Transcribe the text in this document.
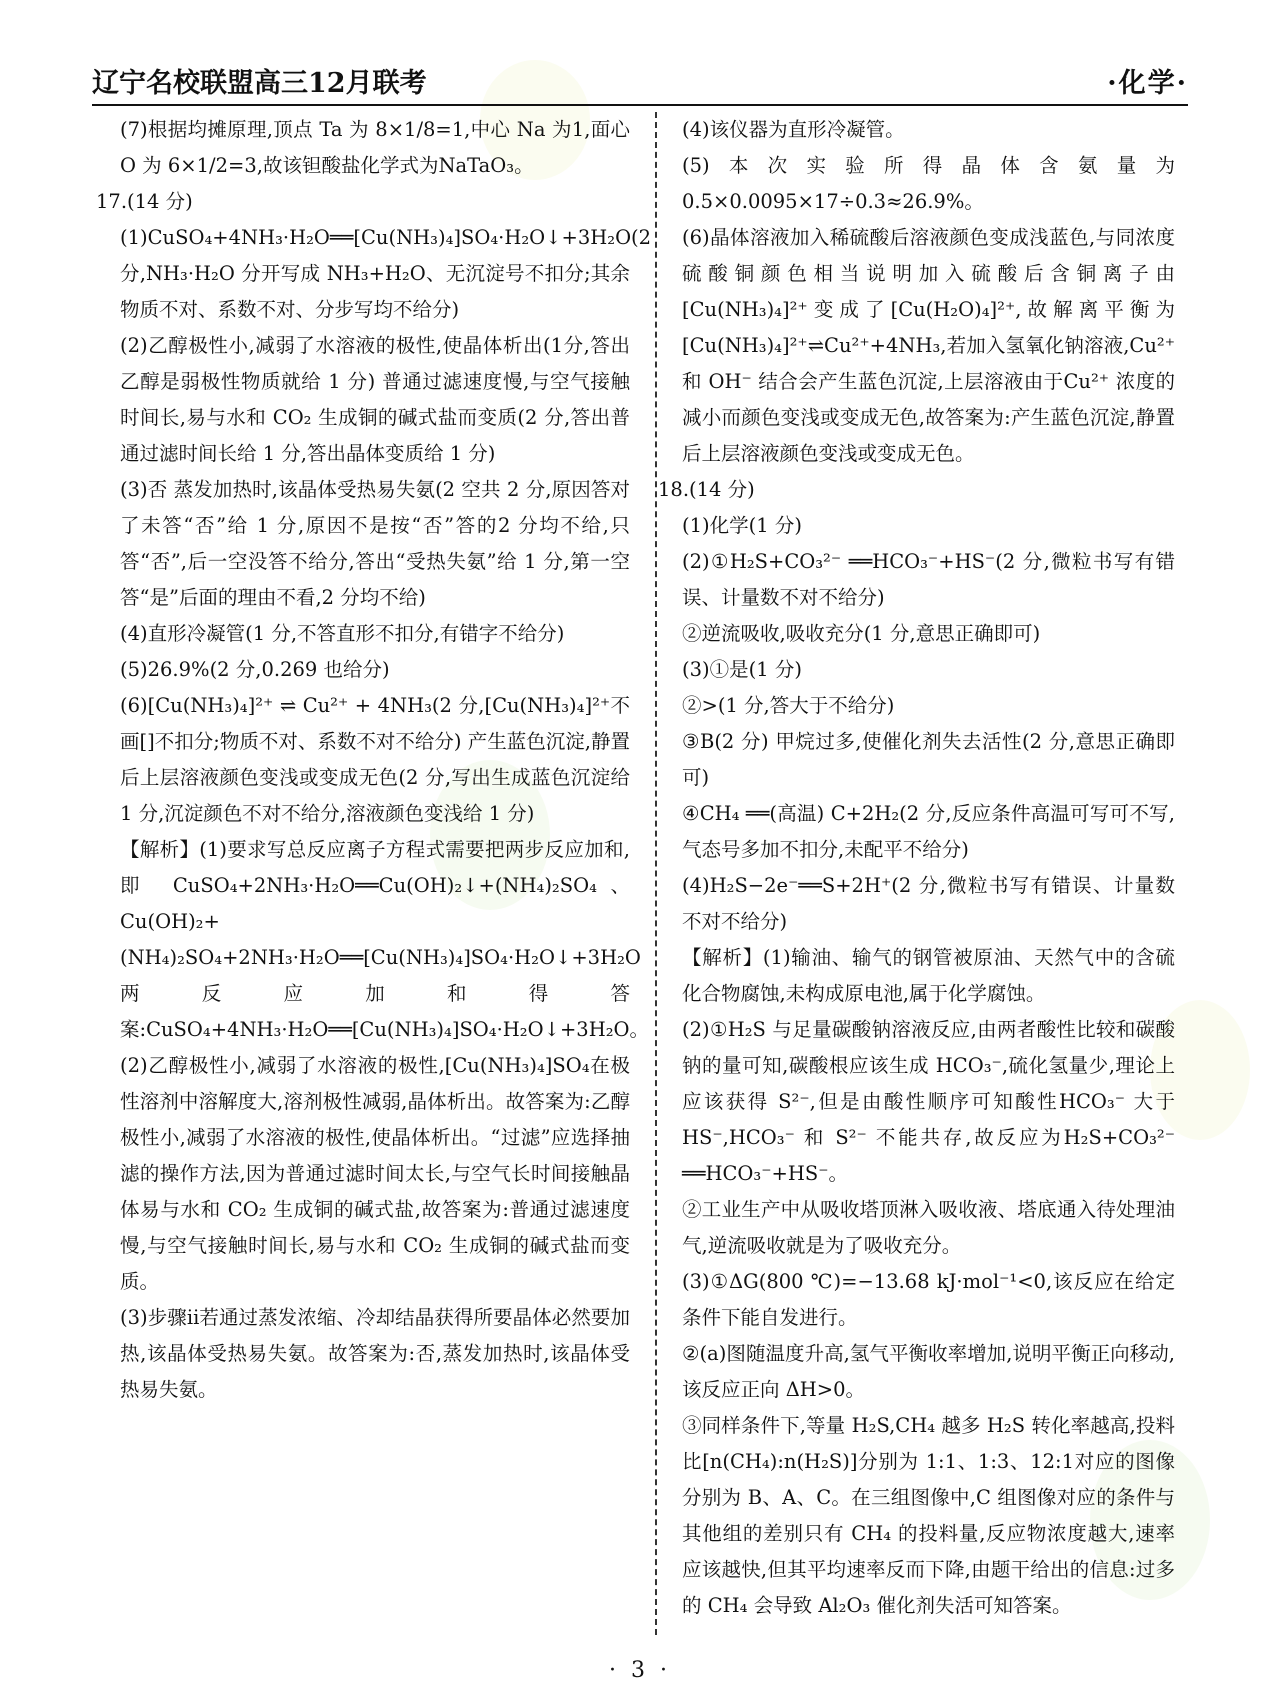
辽宁名校联盟高三12月联考	·化学·

(7)根据均摊原理,顶点 Ta 为 8×1/8=1,中心 Na 为1,面心 O 为 6×1/2=3,故该钽酸盐化学式为NaTaO₃。

17.(14 分)

(1)CuSO₄+4NH₃·H₂O══[Cu(NH₃)₄]SO₄·H₂O↓+3H₂O(2 分,NH₃·H₂O 分开写成 NH₃+H₂O、无沉淀号不扣分;其余物质不对、系数不对、分步写均不给分)

(2)乙醇极性小,减弱了水溶液的极性,使晶体析出(1分,答出乙醇是弱极性物质就给 1 分) 普通过滤速度慢,与空气接触时间长,易与水和 CO₂ 生成铜的碱式盐而变质(2 分,答出普通过滤时间长给 1 分,答出晶体变质给 1 分)

(3)否 蒸发加热时,该晶体受热易失氨(2 空共 2 分,原因答对了未答“否”给 1 分,原因不是按“否”答的2 分均不给,只答“否”,后一空没答不给分,答出“受热失氨”给 1 分,第一空答“是”后面的理由不看,2 分均不给)

(4)直形冷凝管(1 分,不答直形不扣分,有错字不给分)

(5)26.9%(2 分,0.269 也给分)

(6)[Cu(NH₃)₄]²⁺ ⇌ Cu²⁺ + 4NH₃(2 分,[Cu(NH₃)₄]²⁺不画[]不扣分;物质不对、系数不对不给分) 产生蓝色沉淀,静置后上层溶液颜色变浅或变成无色(2 分,写出生成蓝色沉淀给 1 分,沉淀颜色不对不给分,溶液颜色变浅给 1 分)

【解析】(1)要求写总反应离子方程式需要把两步反应加和,即 CuSO₄+2NH₃·H₂O══Cu(OH)₂↓+(NH₄)₂SO₄、Cu(OH)₂+(NH₄)₂SO₄+2NH₃·H₂O══[Cu(NH₃)₄]SO₄·H₂O↓+3H₂O 两反应加和得答案:CuSO₄+4NH₃·H₂O══[Cu(NH₃)₄]SO₄·H₂O↓+3H₂O。

(2)乙醇极性小,减弱了水溶液的极性,[Cu(NH₃)₄]SO₄在极性溶剂中溶解度大,溶剂极性减弱,晶体析出。故答案为:乙醇极性小,减弱了水溶液的极性,使晶体析出。“过滤”应选择抽滤的操作方法,因为普通过滤时间太长,与空气长时间接触晶体易与水和 CO₂ 生成铜的碱式盐,故答案为:普通过滤速度慢,与空气接触时间长,易与水和 CO₂ 生成铜的碱式盐而变质。

(3)步骤ⅱ若通过蒸发浓缩、冷却结晶获得所要晶体必然要加热,该晶体受热易失氨。故答案为:否,蒸发加热时,该晶体受热易失氨。

(4)该仪器为直形冷凝管。

(5)本次实验所得晶体含氨量为 0.5×0.0095×17÷0.3≈26.9%。

(6)晶体溶液加入稀硫酸后溶液颜色变成浅蓝色,与同浓度硫酸铜颜色相当说明加入硫酸后含铜离子由[Cu(NH₃)₄]²⁺变成了[Cu(H₂O)₄]²⁺,故解离平衡为[Cu(NH₃)₄]²⁺⇌Cu²⁺+4NH₃,若加入氢氧化钠溶液,Cu²⁺ 和 OH⁻ 结合会产生蓝色沉淀,上层溶液由于Cu²⁺ 浓度的减小而颜色变浅或变成无色,故答案为:产生蓝色沉淀,静置后上层溶液颜色变浅或变成无色。

18.(14 分)

(1)化学(1 分)

(2)①H₂S+CO₃²⁻ ══HCO₃⁻+HS⁻(2 分,微粒书写有错误、计量数不对不给分)

②逆流吸收,吸收充分(1 分,意思正确即可)

(3)①是(1 分)

②>(1 分,答大于不给分)

③B(2 分) 甲烷过多,使催化剂失去活性(2 分,意思正确即可)

④CH₄ ══(高温) C+2H₂(2 分,反应条件高温可写可不写,气态号多加不扣分,未配平不给分)

(4)H₂S−2e⁻══S+2H⁺(2 分,微粒书写有错误、计量数不对不给分)

【解析】(1)输油、输气的钢管被原油、天然气中的含硫化合物腐蚀,未构成原电池,属于化学腐蚀。

(2)①H₂S 与足量碳酸钠溶液反应,由两者酸性比较和碳酸钠的量可知,碳酸根应该生成 HCO₃⁻,硫化氢量少,理论上应该获得 S²⁻,但是由酸性顺序可知酸性HCO₃⁻ 大于 HS⁻,HCO₃⁻ 和 S²⁻ 不能共存,故反应为H₂S+CO₃²⁻ ══HCO₃⁻+HS⁻。

②工业生产中从吸收塔顶淋入吸收液、塔底通入待处理油气,逆流吸收就是为了吸收充分。

(3)①ΔG(800 ℃)=−13.68 kJ·mol⁻¹<0,该反应在给定条件下能自发进行。

②(a)图随温度升高,氢气平衡收率增加,说明平衡正向移动,该反应正向 ΔH>0。

③同样条件下,等量 H₂S,CH₄ 越多 H₂S 转化率越高,投料比[n(CH₄):n(H₂S)]分别为 1:1、1:3、12:1对应的图像分别为 B、A、C。在三组图像中,C 组图像对应的条件与其他组的差别只有 CH₄ 的投料量,反应物浓度越大,速率应该越快,但其平均速率反而下降,由题干给出的信息:过多的 CH₄ 会导致 Al₂O₃ 催化剂失活可知答案。

· 3 ·
